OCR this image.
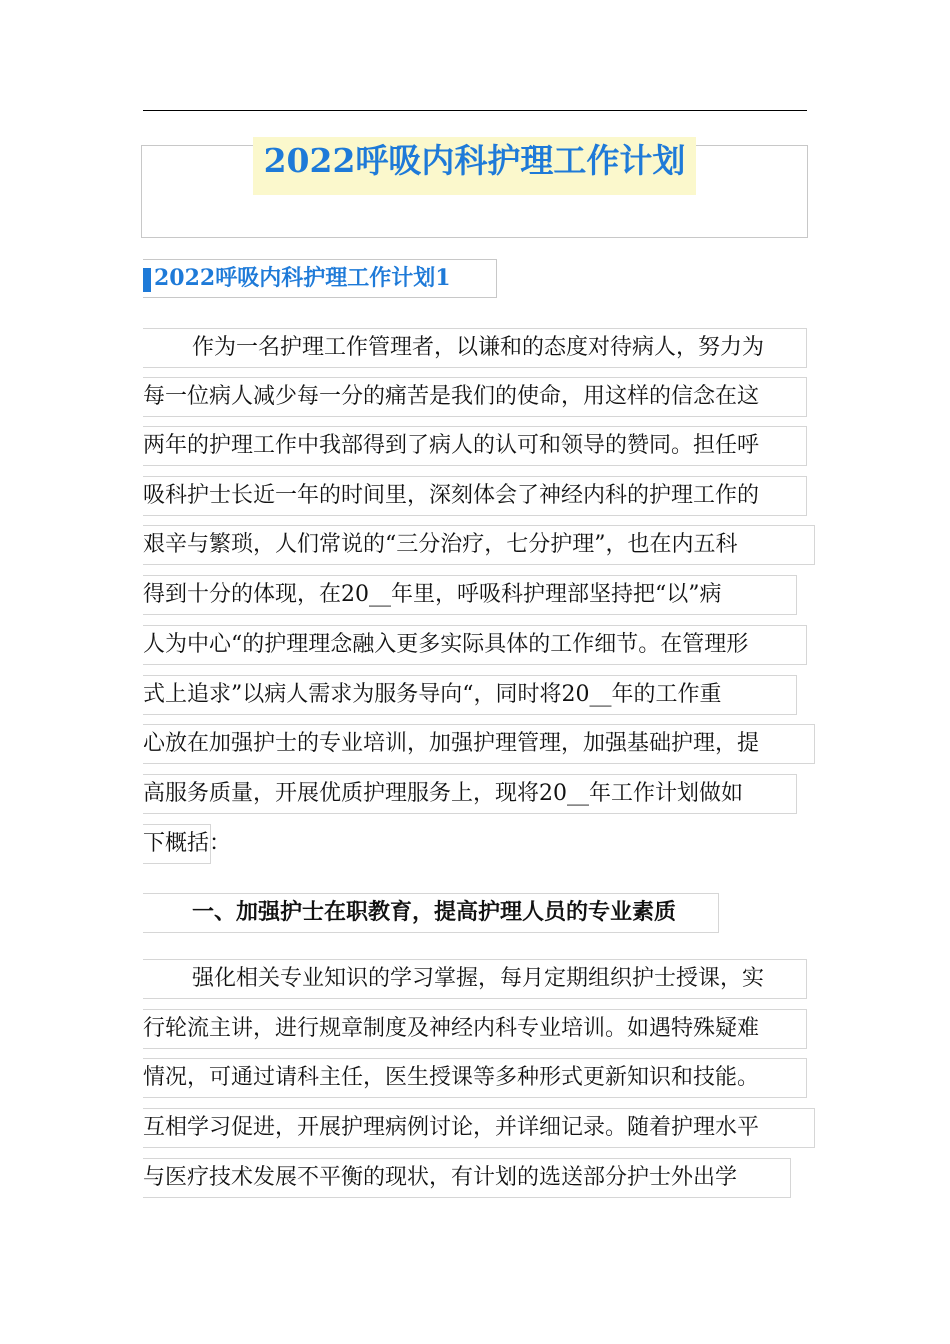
2022呼吸内科护理工作计划
2022呼吸内科护理工作计划1
作为一名护理工作管理者，以谦和的态度对待病人，努力为
每一位病人减少每一分的痛苦是我们的使命，用这样的信念在这
两年的护理工作中我部得到了病人的认可和领导的赞同。担任呼
吸科护士长近一年的时间里，深刻体会了神经内科的护理工作的
艰辛与繁琐，人们常说的“三分治疗，七分护理”，也在内五科
得到十分的体现，在20__年里，呼吸科护理部坚持把“以”病
人为中心“的护理理念融入更多实际具体的工作细节。在管理形
式上追求”以病人需求为服务导向“，同时将20__年的工作重
心放在加强护士的专业培训，加强护理管理，加强基础护理，提
高服务质量，开展优质护理服务上，现将20__年工作计划做如
下概括：
一、加强护士在职教育，提高护理人员的专业素质
强化相关专业知识的学习掌握，每月定期组织护士授课，实
行轮流主讲，进行规章制度及神经内科专业培训。如遇特殊疑难
情况，可通过请科主任，医生授课等多种形式更新知识和技能。
互相学习促进，开展护理病例讨论，并详细记录。随着护理水平
与医疗技术发展不平衡的现状，有计划的选送部分护士外出学
